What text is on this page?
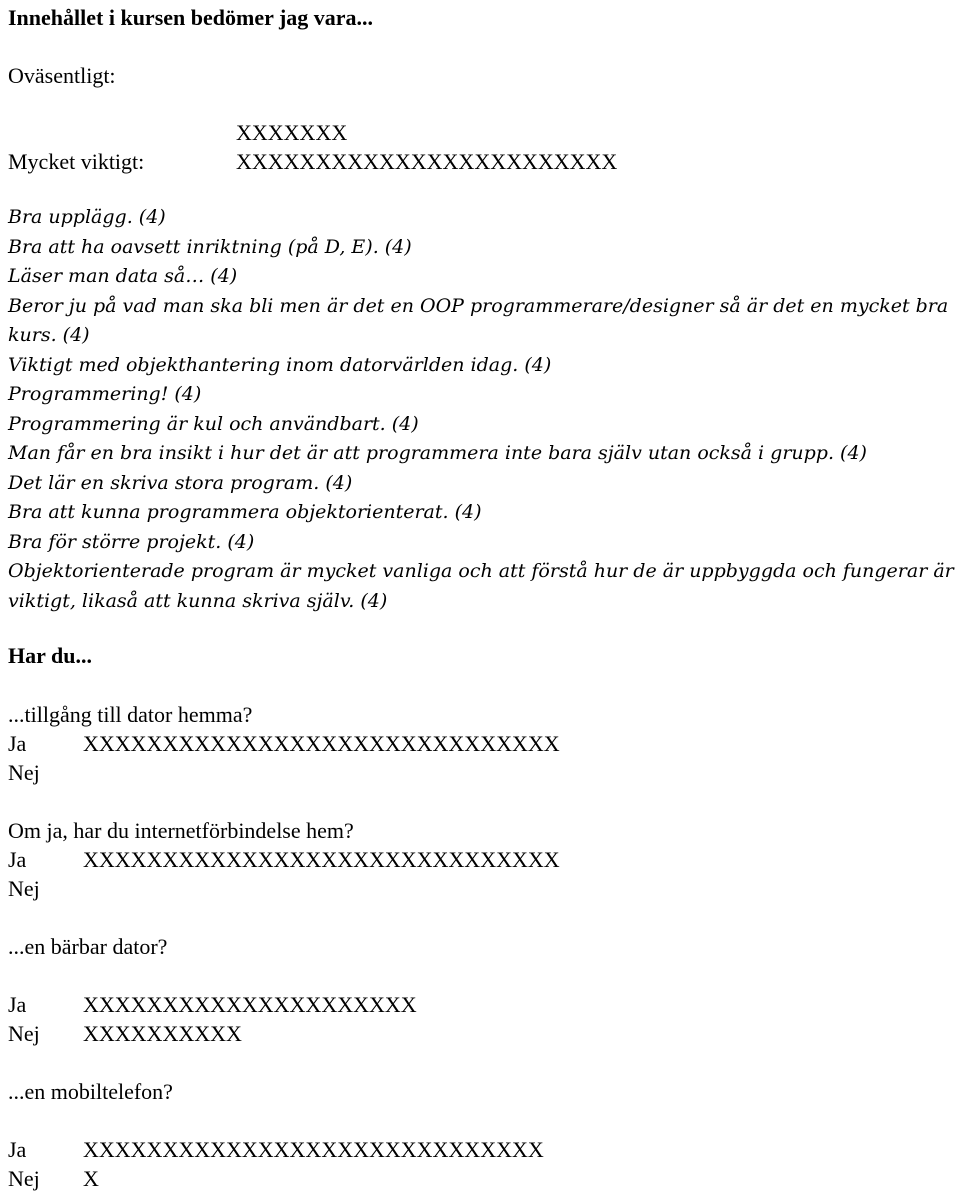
Innehållet i kursen bedömer jag vara...
Oväsentligt:
XXXXXXX
Mycket viktigt:	XXXXXXXXXXXXXXXXXXXXXXXX
Bra upplägg. (4)
Bra att ha oavsett inriktning (på D, E). (4)
Läser man data så… (4)
Beror ju på vad man ska bli men är det en OOP programmerare/designer så är det en mycket bra kurs. (4)
Viktigt med objekthantering inom datorvärlden idag. (4)
Programmering! (4)
Programmering är kul och användbart. (4)
Man får en bra insikt i hur det är att programmera inte bara själv utan också i grupp. (4)
Det lär en skriva stora program. (4)
Bra att kunna programmera objektorienterat. (4)
Bra för större projekt. (4)
Objektorienterade program är mycket vanliga och att förstå hur de är uppbyggda och fungerar är viktigt, likaså att kunna skriva själv. (4)
Har du...
...tillgång till dator hemma?
Ja	XXXXXXXXXXXXXXXXXXXXXXXXXXXXXX
Nej
Om ja, har du internetförbindelse hem?
Ja	XXXXXXXXXXXXXXXXXXXXXXXXXXXXXX
Nej
...en bärbar dator?
Ja	XXXXXXXXXXXXXXXXXXXXX
Nej XXXXXXXXXX
...en mobiltelefon?
Ja	XXXXXXXXXXXXXXXXXXXXXXXXXXXXX
Nej X
